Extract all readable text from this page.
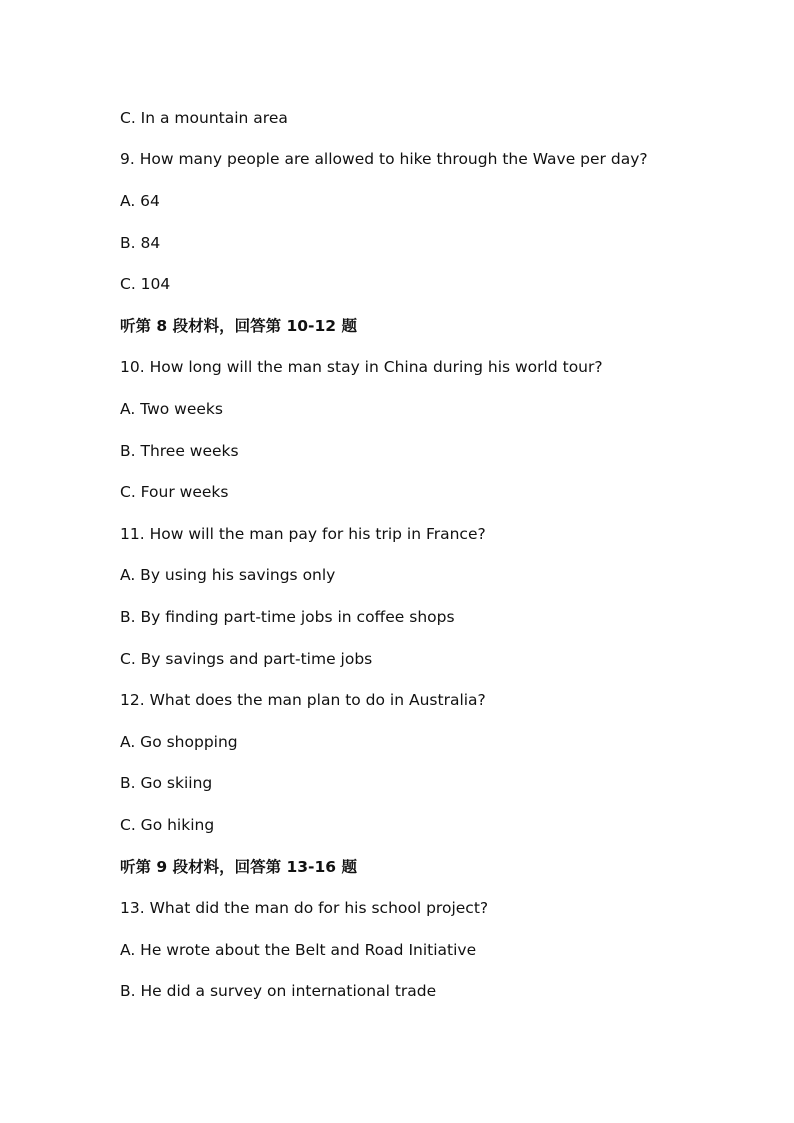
C. In a mountain area

9. How many people are allowed to hike through the Wave per day?

A. 64

B. 84

C. 104

听第 8 段材料，回答第 10-12 题

10. How long will the man stay in China during his world tour?

A. Two weeks

B. Three weeks

C. Four weeks

11. How will the man pay for his trip in France?

A. By using his savings only

B. By finding part-time jobs in coffee shops

C. By savings and part-time jobs

12. What does the man plan to do in Australia?

A. Go shopping

B. Go skiing

C. Go hiking

听第 9 段材料，回答第 13-16 题

13. What did the man do for his school project?

A. He wrote about the Belt and Road Initiative

B. He did a survey on international trade
